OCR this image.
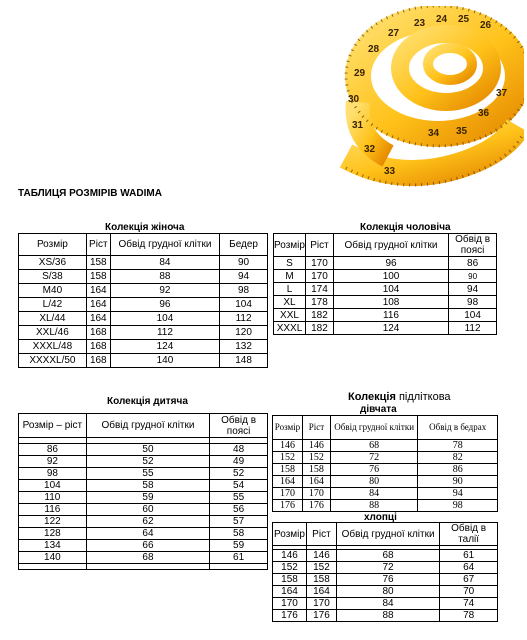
23 24 25
26
27
28
29
30
31
32
33
34 35
36
37
ТАБЛИЦЯ РОЗМІРІВ WADIMA
Колекція жіноча
Розмір	Ріст	Обвід грудної клітки	Бедер
XS/36	158	84	90
S/38	158	88	94
M40	164	92	98
L/42	164	96	104
XL/44	164	104	112
XXL/46	168	112	120
XXXL/48	168	124	132
XXXXL/50	168	140	148
Колекція чоловіча
Розмір	Ріст	Обвід грудної клітки	Обвід в поясі
S	170	96	86
M	170	100	90
L	174	104	94
XL	178	108	98
XXL	182	116	104
XXXL	182	124	112
Колекція дитяча
Розмір – ріст	Обвід грудної клітки	Обвід в поясі

86	50	48
92	52	49
98	55	52
104	58	54
110	59	55
116	60	56
122	62	57
128	64	58
134	66	59
140	68	61

Колекція підліткова
дівчата
Розмір	Ріст	Обвід грудної клітки	Обвід в бедрах
146	146	68	78
152	152	72	82
158	158	76	86
164	164	80	90
170	170	84	94
176	176	88	98
хлопці
Розмір	Ріст	Обвід грудної клітки	Обвід в талії

146	146	68	61
152	152	72	64
158	158	76	67
164	164	80	70
170	170	84	74
176	176	88	78
